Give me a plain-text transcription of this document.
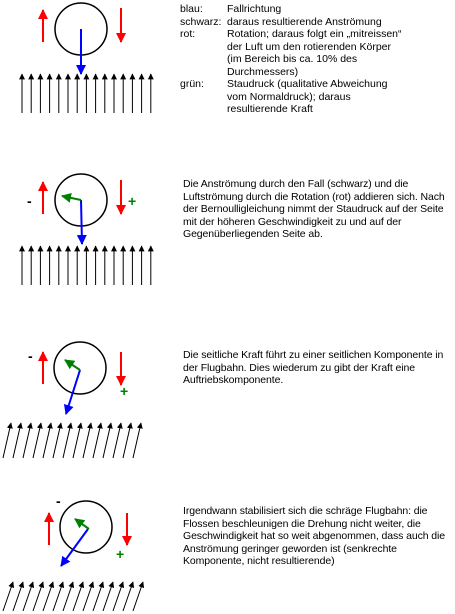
-	+
-
+
-
+
blau:	Fallrichtung
schwarz: daraus resultierende Anströmung
rot:	Rotation; daraus folgt ein „mitreissen“ der Luft um den rotierenden Körper (im Bereich bis ca. 10% des Durchmessers)
grün:	Staudruck (qualitative Abweichung vom Normaldruck); daraus resultierende Kraft
Die Anströmung durch den Fall (schwarz) und die Luftströmung durch die Rotation (rot) addieren sich. Nach der Bernoulligleichung nimmt der Staudruck auf der Seite mit der höheren Geschwindigkeit zu und auf der Gegenüberliegenden Seite ab.
Die seitliche Kraft führt zu einer seitlichen Komponente in der Flugbahn. Dies wiederum zu gibt der Kraft eine Auftriebskomponente.
Irgendwann stabilisiert sich die schräge Flugbahn: die Flossen beschleunigen die Drehung nicht weiter, die Geschwindigkeit hat so weit abgenommen, dass auch die Anströmung geringer geworden ist (senkrechte Komponente, nicht resultierende)
